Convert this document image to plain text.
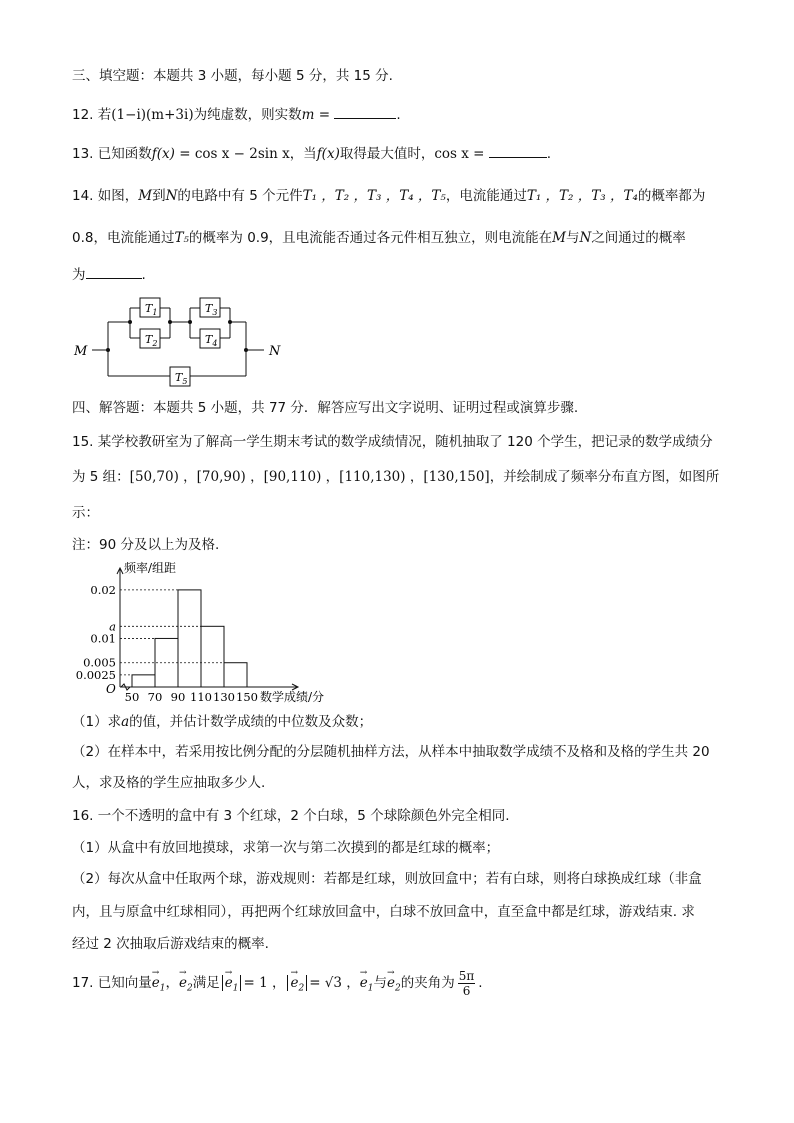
三、填空题：本题共 3 小题，每小题 5 分，共 15 分.
12. 若(1−i)(m+3i)为纯虚数，则实数m =	.
13. 已知函数f(x) = cos x − 2sin x，当f(x)取得最大值时，cos x =	.
14. 如图，M到N的电路中有 5 个元件T₁ ，T₂ ，T₃ ，T₄ ，T₅，电流能通过T₁ ，T₂ ，T₃ ，T₄的概率都为
0.8，电流能通过T₅的概率为 0.9，且电流能否通过各元件相互独立，则电流能在M与N之间通过的概率
为	.
M	N
$T_1$
$T_2$
$T_3$
$T_4$
$T_5$
四、解答题：本题共 5 小题，共 77 分．解答应写出文字说明、证明过程或演算步骤.
15. 某学校教研室为了解高一学生期末考试的数学成绩情况，随机抽取了 120 个学生，把记录的数学成绩分
为 5 组：[50,70) ，[70,90) ，[90,110) ，[110,130) ，[130,150]，并绘制成了频率分布直方图，如图所
示：
注：90 分及以上为及格.
0.02
a
0.01
0.005
0.0025
50 70 90 110 130 150
O
频率/组距
数学成绩/分
（1）求a的值，并估计数学成绩的中位数及众数；
（2）在样本中，若采用按比例分配的分层随机抽样方法，从样本中抽取数学成绩不及格和及格的学生共 20
人，求及格的学生应抽取多少人.
16. 一个不透明的盒中有 3 个红球，2 个白球，5 个球除颜色外完全相同.
（1）从盒中有放回地摸球，求第一次与第二次摸到的都是红球的概率；
（2）每次从盒中任取两个球，游戏规则：若都是红球，则放回盒中；若有白球，则将白球换成红球（非盒
内，且与原盒中红球相同），再把两个红球放回盒中，白球不放回盒中，直至盒中都是红球，游戏结束. 求
经过 2 次抽取后游戏结束的概率.
17. 已知向量→ $e_1$，→ $e_2$满足 → $e_1 = 1$ ， → $e_2 = √3$ ，→ $e_1$与→ $e_2$的夹角为 $\frac{5\pi}{6}$ .
